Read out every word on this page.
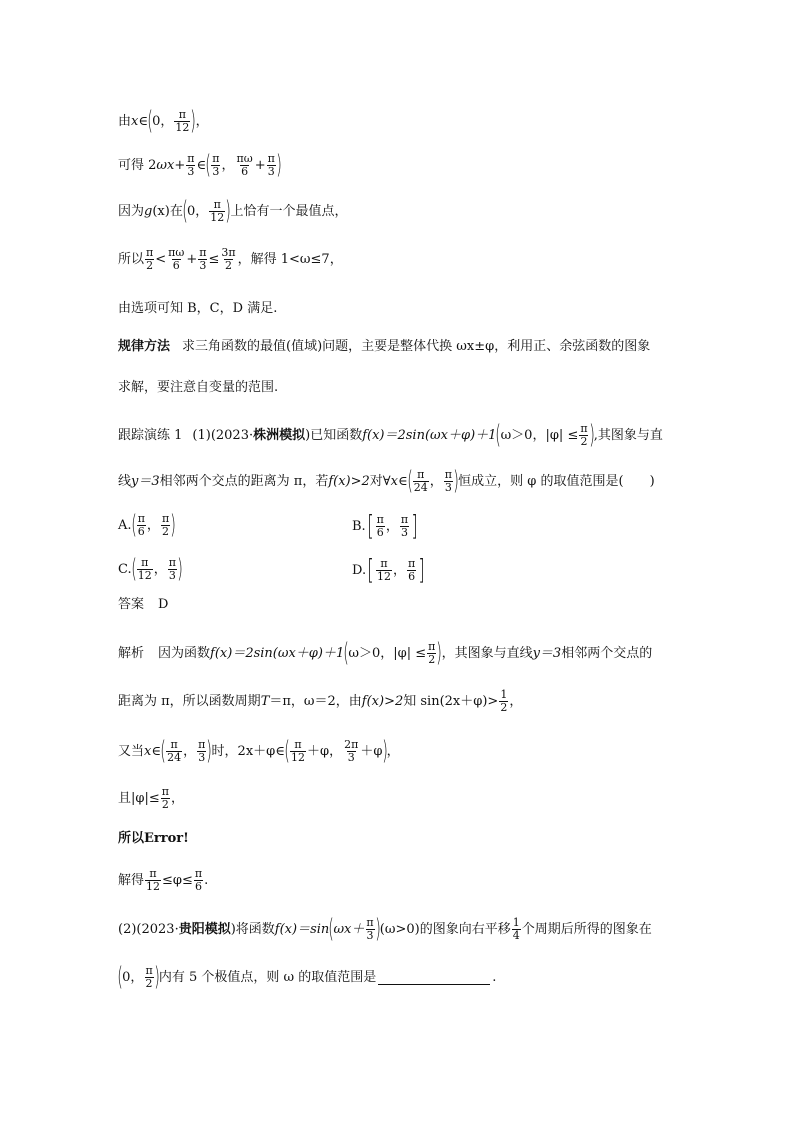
由 x ∈ ( 0， $\frac{\pi}{12}$ ) ，
可得 2 $\omega x + \frac{\pi}{3}$ ∈ ( $\frac{\pi}{3}$ ， $\frac{\pi\omega}{6} + \frac{\pi}{3}$ )
因为 g (x) 在 ( 0， $\frac{\pi}{12}$ ) 上恰有一个最值点，
所以 $\frac{\pi}{2} < \frac{\pi\omega}{6} + \frac{\pi}{3} \le \frac{3\pi}{2}$ ，解得 1<ω≤7，
由选项可知 B，C，D 满足.
规律方法 求三角函数的最值(值域)问题，主要是整体代换 ωx±φ，利用正、余弦函数的图象
求解，要注意自变量的范围.
跟踪演练 1 (1)(2023· 株洲模拟 )已知函数 f(x)＝2sin(ωx＋φ)＋1 ( ω＞0，$|\varphi| \le \frac{\pi}{2}$ ) ,其图象与直
线 y＝3 相邻两个交点的距离为 π，若 f(x)>2 对∀ x ∈ ( $\frac{\pi}{24}$ ， $\frac{\pi}{3}$ ) 恒成立，则 φ 的取值范围是(　　)
A. ( $\frac{\pi}{6}$ ， $\frac{\pi}{2}$ )	B. [ $\frac{\pi}{6}$ ， $\frac{\pi}{3}$ ]
C. ( $\frac{\pi}{12}$ ， $\frac{\pi}{3}$ )	D. [ $\frac{\pi}{12}$ ， $\frac{\pi}{6}$ ]
答案 D
解析 因为函数 f(x)＝2sin(ωx＋φ)＋1 ( ω＞0，$|\varphi| \le \frac{\pi}{2}$ ) ，其图象与直线 y＝3 相邻两个交点的
距离为 π，所以函数周期 T ＝π，ω＝2，由 f(x)>2 知 $\sin(2x+\varphi)> \frac{1}{2}$ ，
又当 x ∈ ( $\frac{\pi}{24}$ ， $\frac{\pi}{3}$ ) 时，2x＋φ∈ ( $\frac{\pi}{12} +\varphi$， $\frac{2\pi}{3} +\varphi$ ) ，
且$|\varphi|\le \frac{\pi}{2}$ ，
所以 Error!
解得 $\frac{\pi}{12} \le\varphi\le \frac{\pi}{6}$ .
(2)(2023· 贵阳模拟 )将函数 f(x)＝sin ( $\omega x+ \frac{\pi}{3}$ ) (ω>0) 的图象向右平移 $\frac{1}{4}$ 个周期后所得的图象在
( 0， $\frac{\pi}{2}$ ) 内有 5 个极值点，则 ω 的取值范围是	.
